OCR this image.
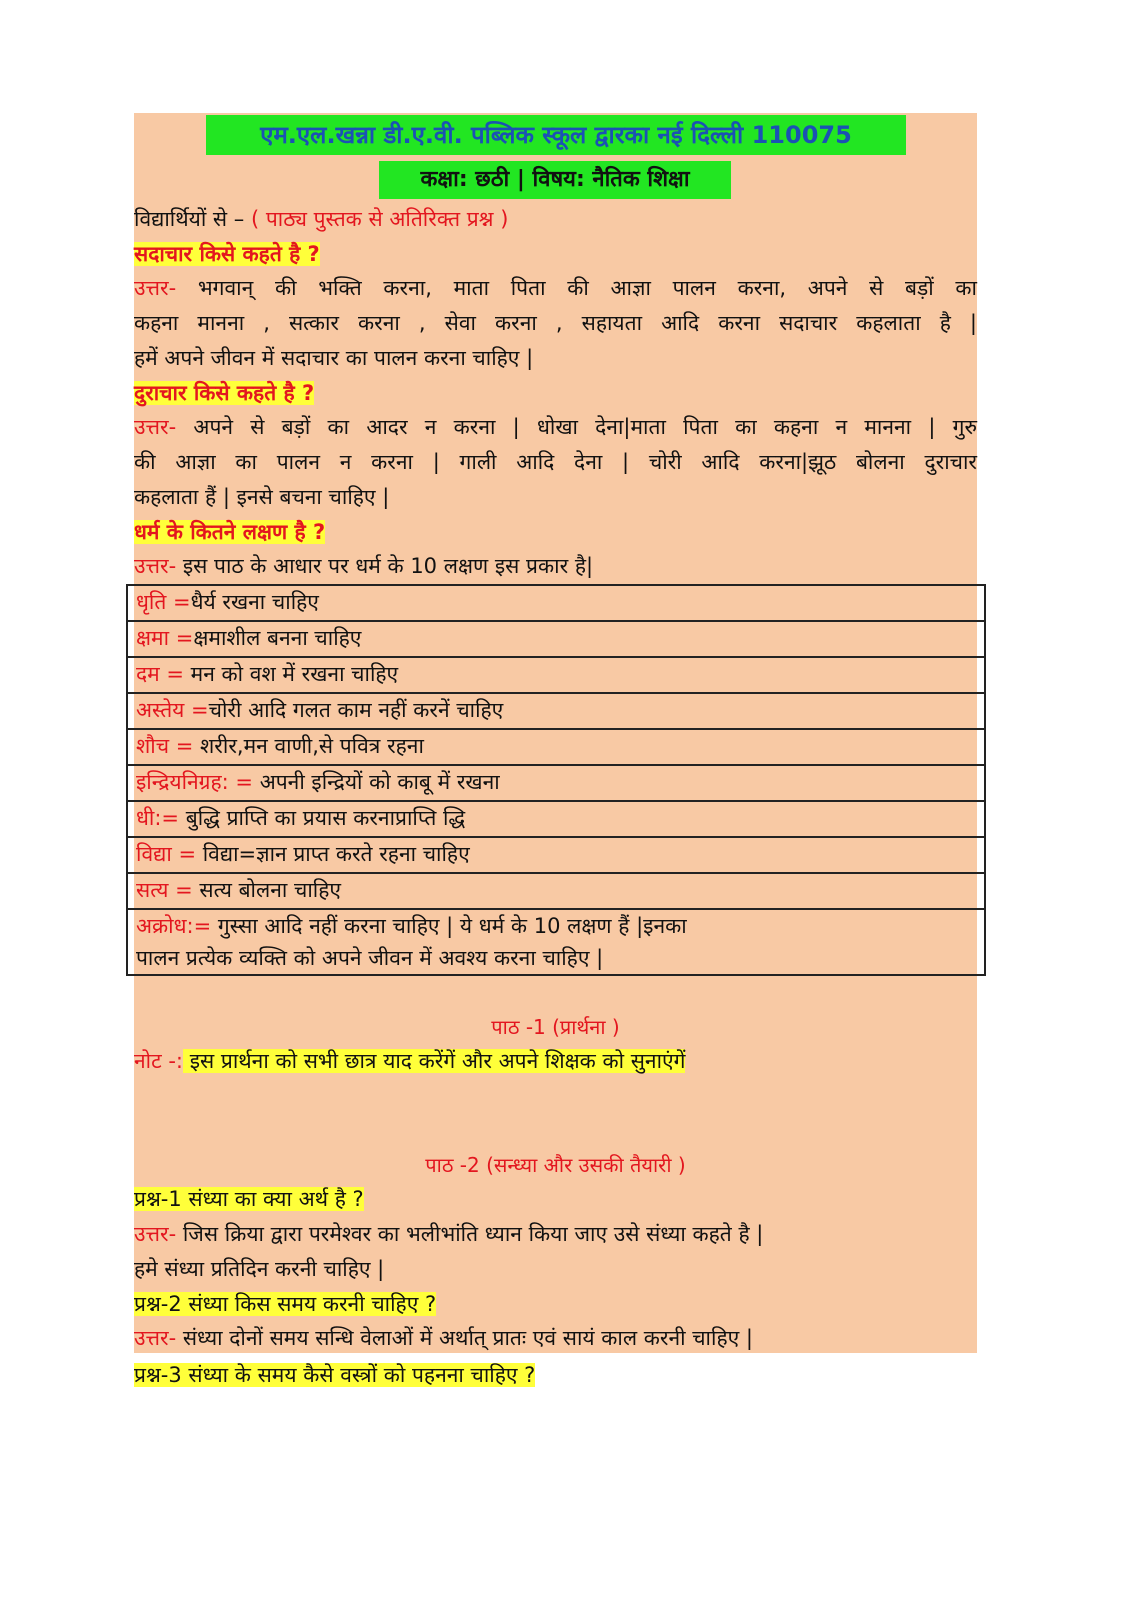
एम.एल.खन्ना डी.ए.वी. पब्लिक स्कूल द्वारका नई दिल्ली 110075
कक्षा: छठी | विषय: नैतिक शिक्षा
विद्यार्थियों से – ( पाठ्य पुस्तक से अतिरिक्त प्रश्न )
सदाचार किसे कहते है ?
उत्तर- भगवान् की भक्ति करना, माता पिता की आज्ञा पालन करना, अपने से बड़ों का
कहना मानना , सत्कार करना , सेवा करना , सहायता आदि करना सदाचार कहलाता है |
हमें अपने जीवन में सदाचार का पालन करना चाहिए |
दुराचार किसे कहते है ?
उत्तर- अपने से बड़ों का आदर न करना | धोखा देना|माता पिता का कहना न मानना | गुरु
की आज्ञा का पालन न करना | गाली आदि देना | चोरी आदि करना|झूठ बोलना दुराचार
कहलाता हैं | इनसे बचना चाहिए |
धर्म के कितने लक्षण है ?
उत्तर- इस पाठ के आधार पर धर्म के 10 लक्षण इस प्रकार है|
धृति =धैर्य रखना चाहिए
क्षमा =क्षमाशील बनना चाहिए
दम = मन को वश में रखना चाहिए
अस्तेय =चोरी आदि गलत काम नहीं करनें चाहिए
शौच = शरीर,मन वाणी,से पवित्र रहना
इन्द्रियनिग्रह: = अपनी इन्द्रियों को काबू में रखना
धी:= बुद्धि प्राप्ति का प्रयास करनाप्राप्ति द्धि
विद्या = विद्या=ज्ञान प्राप्त करते रहना चाहिए
सत्य = सत्य बोलना चाहिए
अक्रोध:= गुस्सा आदि नहीं करना चाहिए | ये धर्म के 10 लक्षण हैं |इनका
पालन प्रत्येक व्यक्ति को अपने जीवन में अवश्य करना चाहिए |
पाठ -1 (प्रार्थना )
नोट -: इस प्रार्थना को सभी छात्र याद करेंगें और अपने शिक्षक को सुनाएंगें
पाठ -2 (सन्ध्या और उसकी तैयारी )
प्रश्न-1 संध्या का क्या अर्थ है ?
उत्तर- जिस क्रिया द्वारा परमेश्वर का भलीभांति ध्यान किया जाए उसे संध्या कहते है |
हमे संध्या प्रतिदिन करनी चाहिए |
प्रश्न-2 संध्या किस समय करनी चाहिए ?
उत्तर- संध्या दोनों समय सन्धि वेलाओं में अर्थात् प्रातः एवं सायं काल करनी चाहिए |
प्रश्न-3 संध्या के समय कैसे वस्त्रों को पहनना चाहिए ?
